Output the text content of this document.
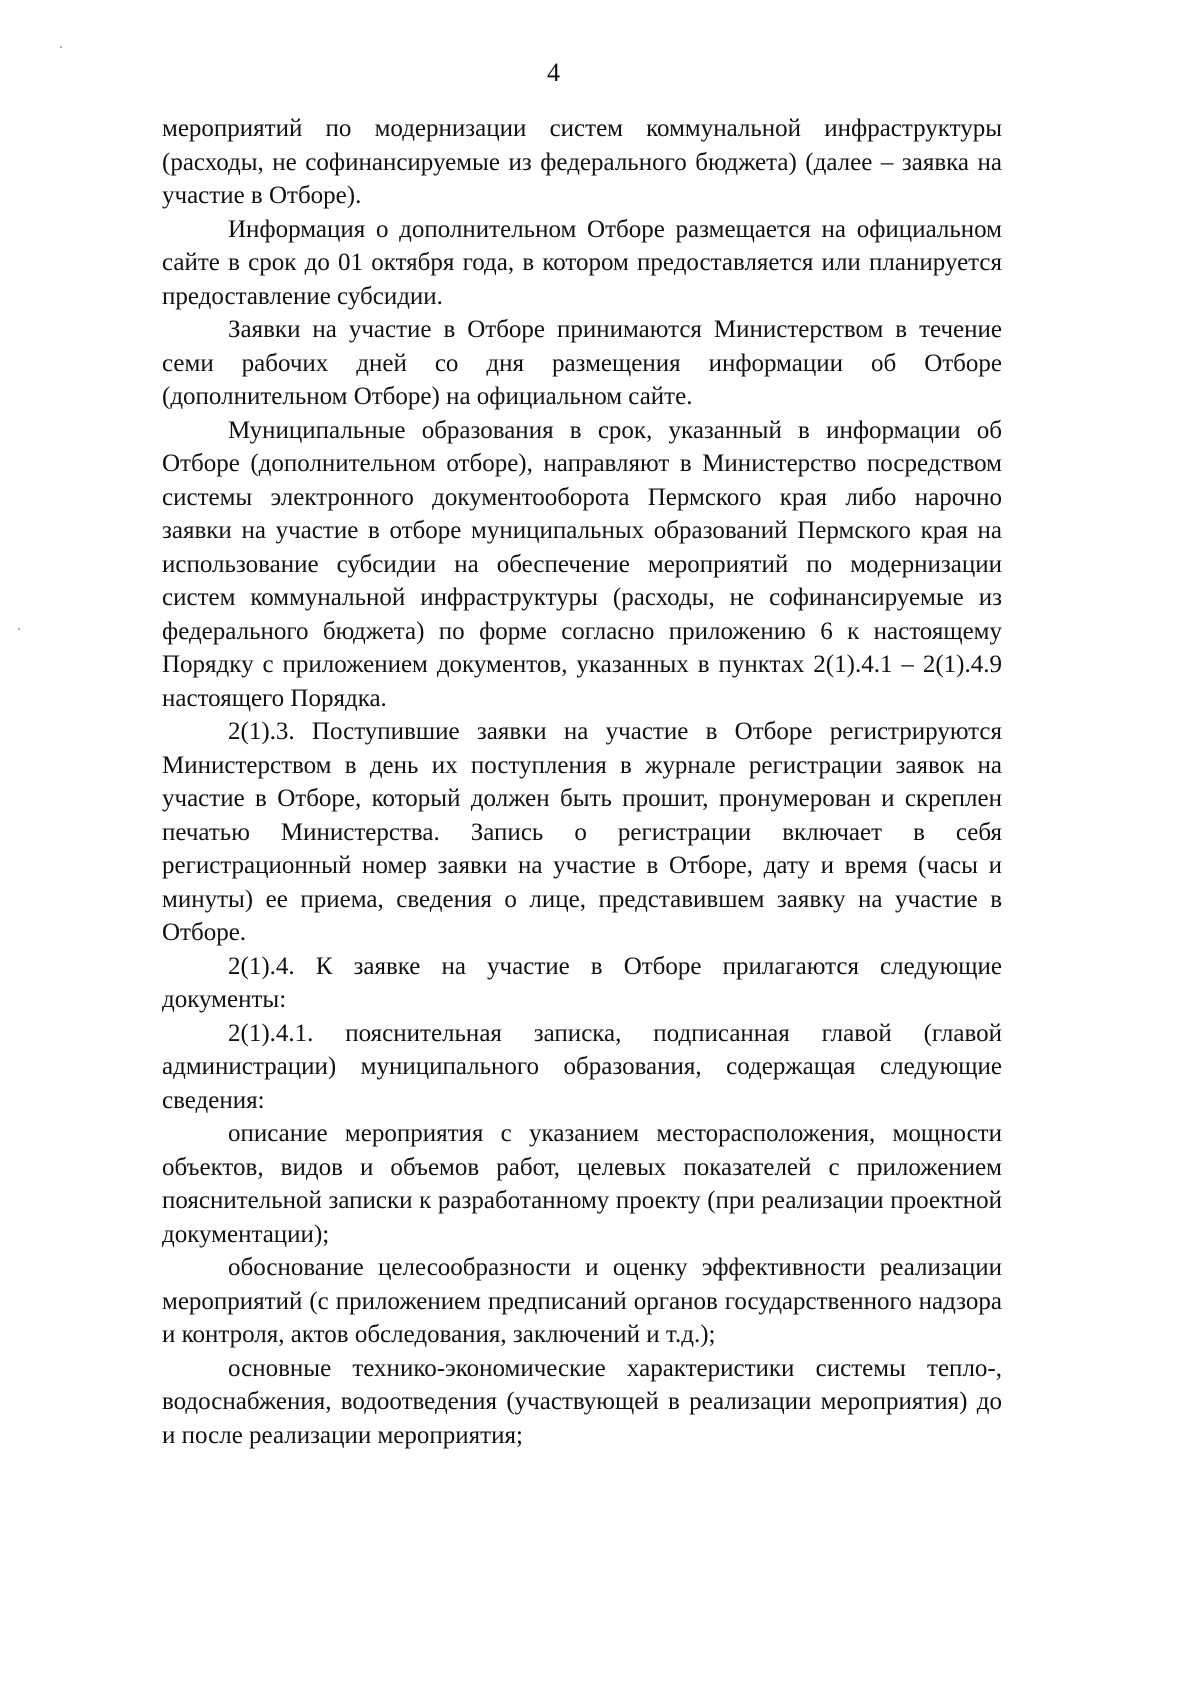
4

мероприятий по модернизации систем коммунальной инфраструктуры (расходы, не софинансируемые из федерального бюджета) (далее – заявка на участие в Отборе).

Информация о дополнительном Отборе размещается на официальном сайте в срок до 01 октября года, в котором предоставляется или планируется предоставление субсидии.

Заявки на участие в Отборе принимаются Министерством в течение семи рабочих дней со дня размещения информации об Отборе (дополнительном Отборе) на официальном сайте.

Муниципальные образования в срок, указанный в информации об Отборе (дополнительном отборе), направляют в Министерство посредством системы электронного документооборота Пермского края либо нарочно заявки на участие в отборе муниципальных образований Пермского края на использование субсидии на обеспечение мероприятий по модернизации систем коммунальной инфраструктуры (расходы, не софинансируемые из федерального бюджета) по форме согласно приложению 6 к настоящему Порядку с приложением документов, указанных в пунктах 2(1).4.1 – 2(1).4.9 настоящего Порядка.

2(1).3. Поступившие заявки на участие в Отборе регистрируются Министерством в день их поступления в журнале регистрации заявок на участие в Отборе, который должен быть прошит, пронумерован и скреплен печатью Министерства. Запись о регистрации включает в себя регистрационный номер заявки на участие в Отборе, дату и время (часы и минуты) ее приема, сведения о лице, представившем заявку на участие в Отборе.

2(1).4. К заявке на участие в Отборе прилагаются следующие документы:

2(1).4.1. пояснительная записка, подписанная главой (главой администрации) муниципального образования, содержащая следующие сведения:

описание мероприятия с указанием месторасположения, мощности объектов, видов и объемов работ, целевых показателей с приложением пояснительной записки к разработанному проекту (при реализации проектной документации);

обоснование целесообразности и оценку эффективности реализации мероприятий (с приложением предписаний органов государственного надзора и контроля, актов обследования, заключений и т.д.);

основные технико-экономические характеристики системы тепло-, водоснабжения, водоотведения (участвующей в реализации мероприятия) до и после реализации мероприятия;
